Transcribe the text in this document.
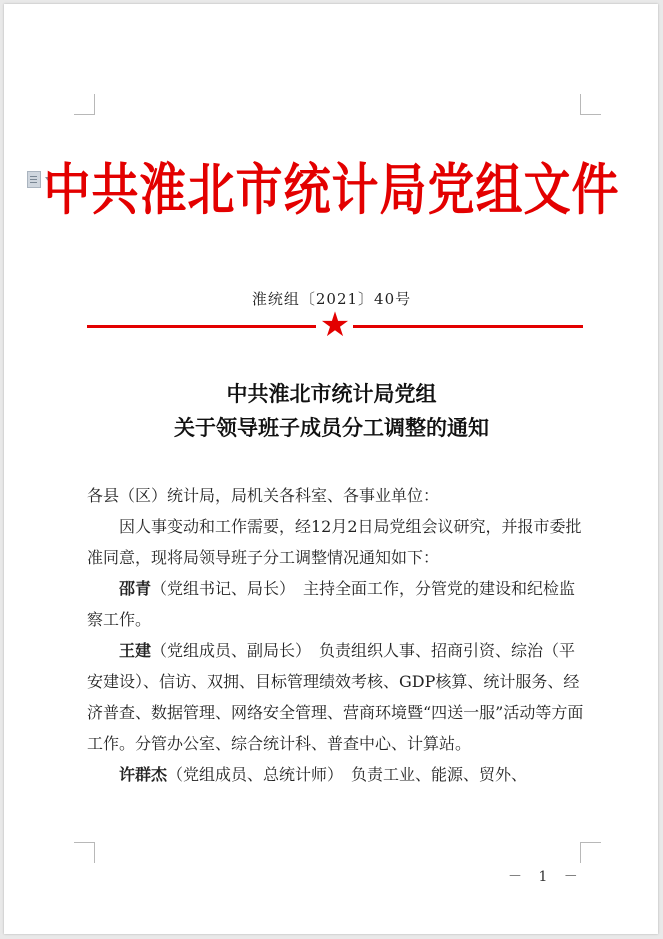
中共淮北市统计局党组文件
淮统组〔2021〕40号
★
中共淮北市统计局党组
关于领导班子成员分工调整的通知

各县（区）统计局，局机关各科室、各事业单位：

因人事变动和工作需要，经12月2日局党组会议研究，并报市委批准同意，现将局领导班子分工调整情况通知如下：

邵青（党组书记、局长）　主持全面工作，分管党的建设和纪检监察工作。

王建（党组成员、副局长）　负责组织人事、招商引资、综治（平安建设）、信访、双拥、目标管理绩效考核、GDP核算、统计服务、经济普查、数据管理、网络安全管理、营商环境暨“四送一服”活动等方面工作。分管办公室、综合统计科、普查中心、计算站。

许群杰（党组成员、总统计师）　负责工业、能源、贸外、

－ 1 －
